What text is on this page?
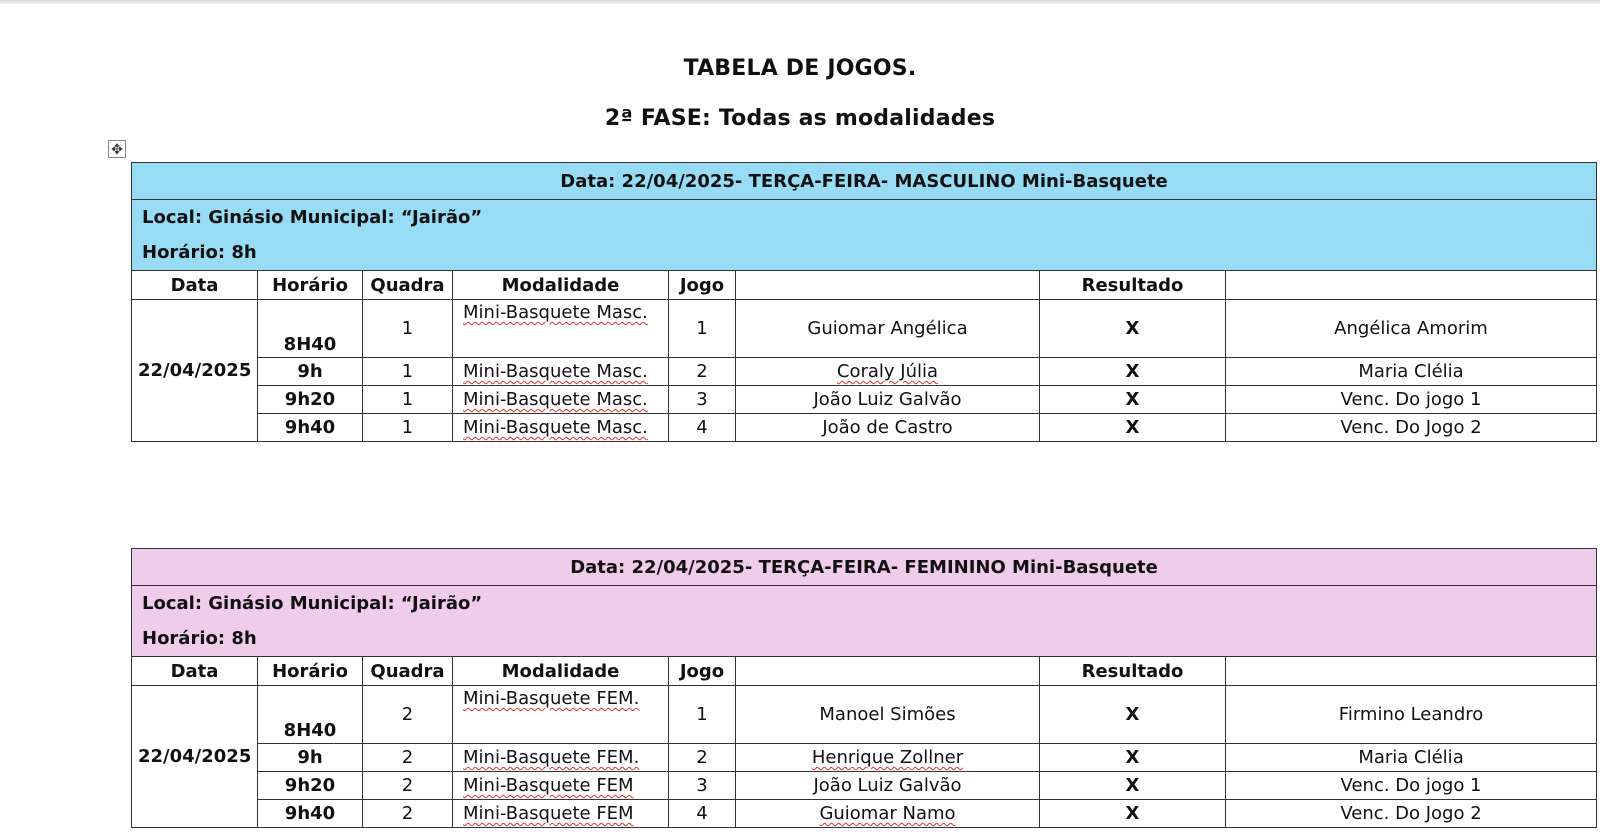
TABELA DE JOGOS.
2ª FASE: Todas as modalidades
✥
Data: 22/04/2025- TERÇA-FEIRA- MASCULINO Mini-Basquete							

Local: Ginásio Municipal: “Jairão”
Horário: 8h							

Data	Horário	Quadra	Modalidade	Jogo		Resultado	
22/04/2025	8H40	1	Mini-Basquete Masc.	1	Guiomar Angélica	X	Angélica Amorim
	9h	1	Mini-Basquete Masc.	2	Coraly Júlia	X	Maria Clélia
	9h20	1	Mini-Basquete Masc.	3	João Luiz Galvão	X	Venc. Do jogo 1
	9h40	1	Mini-Basquete Masc.	4	João de Castro	X	Venc. Do Jogo 2
Data: 22/04/2025- TERÇA-FEIRA- FEMININO Mini-Basquete							

Local: Ginásio Municipal: “Jairão”
Horário: 8h							

Data	Horário	Quadra	Modalidade	Jogo		Resultado	
22/04/2025	8H40	2	Mini-Basquete FEM.	1	Manoel Simões	X	Firmino Leandro
	9h	2	Mini-Basquete FEM.	2	Henrique Zollner	X	Maria Clélia
	9h20	2	Mini-Basquete FEM	3	João Luiz Galvão	X	Venc. Do jogo 1
	9h40	2	Mini-Basquete FEM	4	Guiomar Namo	X	Venc. Do Jogo 2
